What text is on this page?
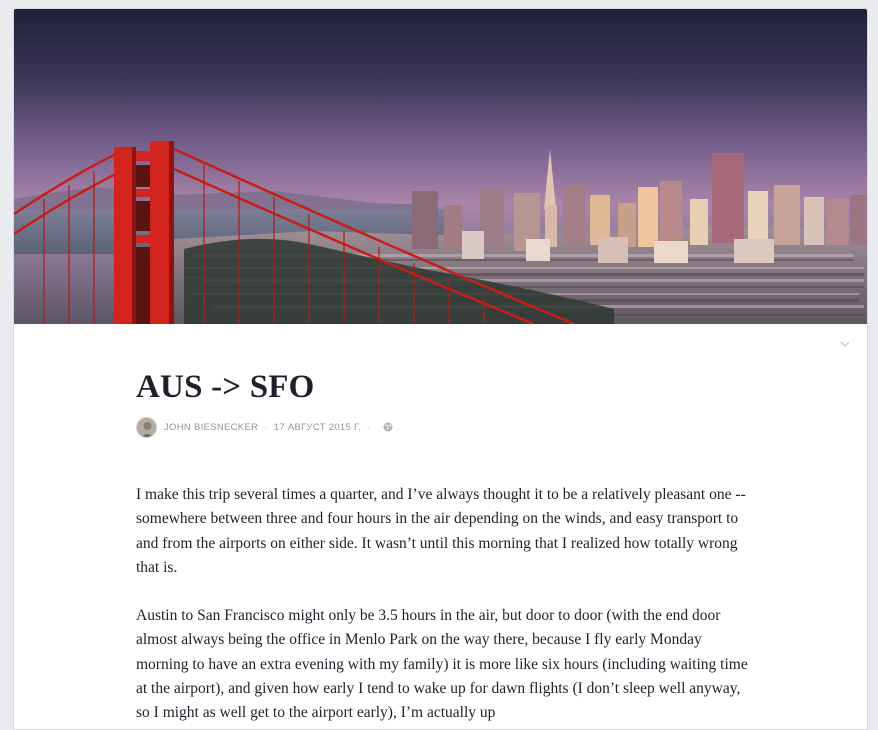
AUS -> SFO
JOHN BIESNECKER · 17 АВГУСТ 2015 Г. ·

I make this trip several times a quarter, and I’ve always thought it to be a relatively pleasant one -- somewhere between three and four hours in the air depending on the winds, and easy transport to and from the airports on either side. It wasn’t until this morning that I realized how totally wrong that is.

Austin to San Francisco might only be 3.5 hours in the air, but door to door (with the end door almost always being the office in Menlo Park on the way there, because I fly early Monday morning to have an extra evening with my family) it is more like six hours (including waiting time at the airport), and given how early I tend to wake up for dawn flights (I don’t sleep well anyway, so I might as well get to the airport early), I’m actually up
